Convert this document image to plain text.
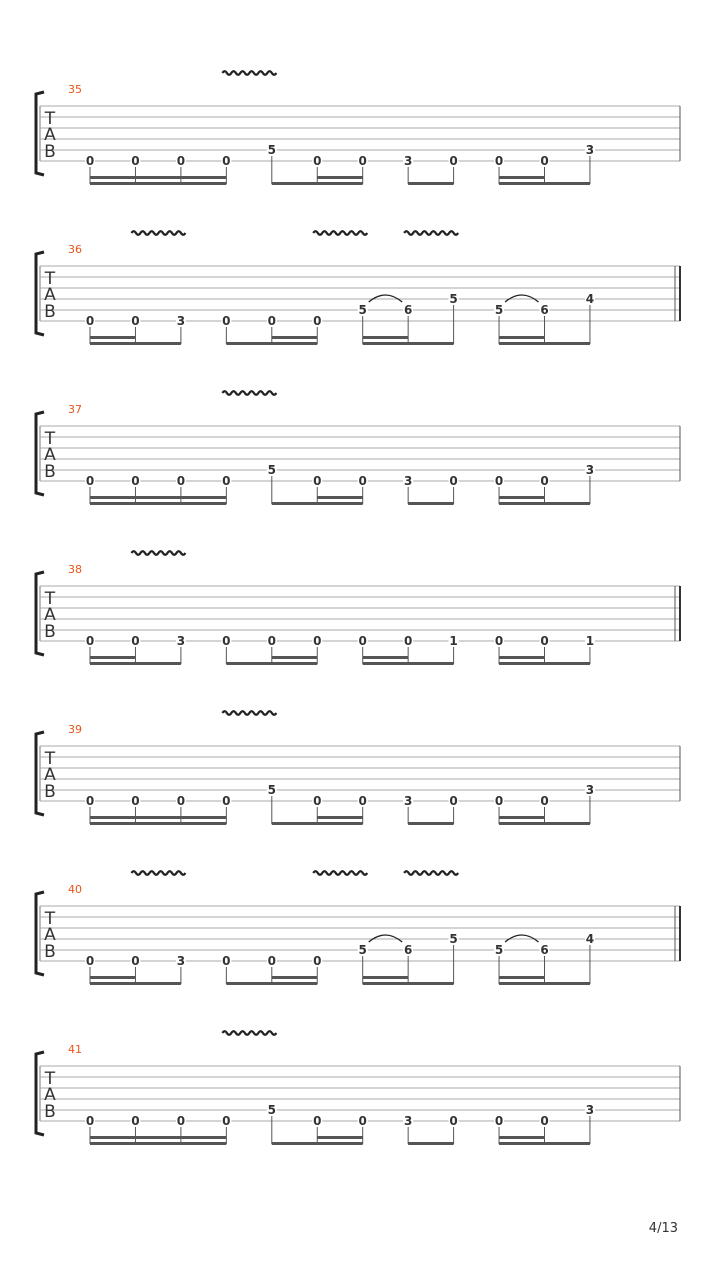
35
T
A
B 0	0	0	0
5
0	0	3	0	0	0
3
36
T
A
B 0	0	3	0	0	0
5	6
5
5	6
4
37
T
A
B 0	0	0	0
5
0	0	3	0	0	0
3
38
T
A
B 0	0	3	0	0	0	0	0	1	0	0	1
39
T
A
B 0	0	0	0
5
0	0	3	0	0	0
3
40
T
A
B 0	0	3	0	0	0
5	6
5
5	6
4
41
T
A
B 0	0	0	0
5
0	0	3	0	0	0
3
4/13
